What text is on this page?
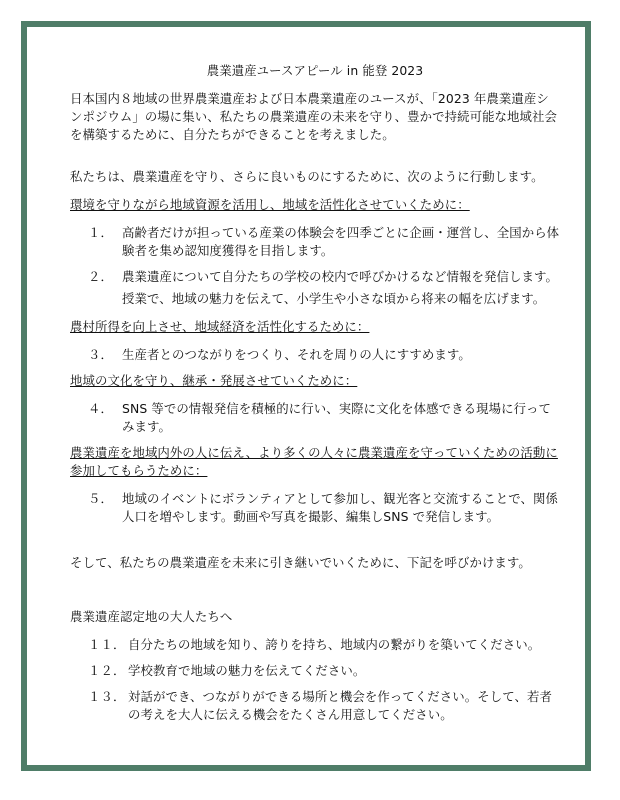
農業遺産ユースアピール in 能登 2023

日本国内８地域の世界農業遺産および日本農業遺産のユースが、「2023 年農業遺産シンポジウム」の場に集い、私たちの農業遺産の未来を守り、豊かで持続可能な地域社会を構築するために、自分たちができることを考えました。

私たちは、農業遺産を守り、さらに良いものにするために、次のように行動します。

環境を守りながら地域資源を活用し、地域を活性化させていくために：
１． 高齢者だけが担っている産業の体験会を四季ごとに企画・運営し、全国から体験者を集め認知度獲得を目指します。
２． 農業遺産について自分たちの学校の校内で呼びかけるなど情報を発信します。
授業で、地域の魅力を伝えて、小学生や小さな頃から将来の幅を広げます。
農村所得を向上させ、地域経済を活性化するために：
３． 生産者とのつながりをつくり、それを周りの人にすすめます。
地域の文化を守り、継承・発展させていくために：
４． SNS 等での情報発信を積極的に行い、実際に文化を体感できる現場に行ってみます。
農業遺産を地域内外の人に伝え、より多くの人々に農業遺産を守っていくための活動に参加してもらうために：
５． 地域のイベントにボランティアとして参加し、観光客と交流することで、関係人口を増やします。動画や写真を撮影、編集しSNS で発信します。

そして、私たちの農業遺産を未来に引き継いでいくために、下記を呼びかけます。

農業遺産認定地の大人たちへ
１１． 自分たちの地域を知り、誇りを持ち、地域内の繋がりを築いてください。
１２． 学校教育で地域の魅力を伝えてください。
１３． 対話ができ、つながりができる場所と機会を作ってください。そして、若者の考えを大人に伝える機会をたくさん用意してください。
